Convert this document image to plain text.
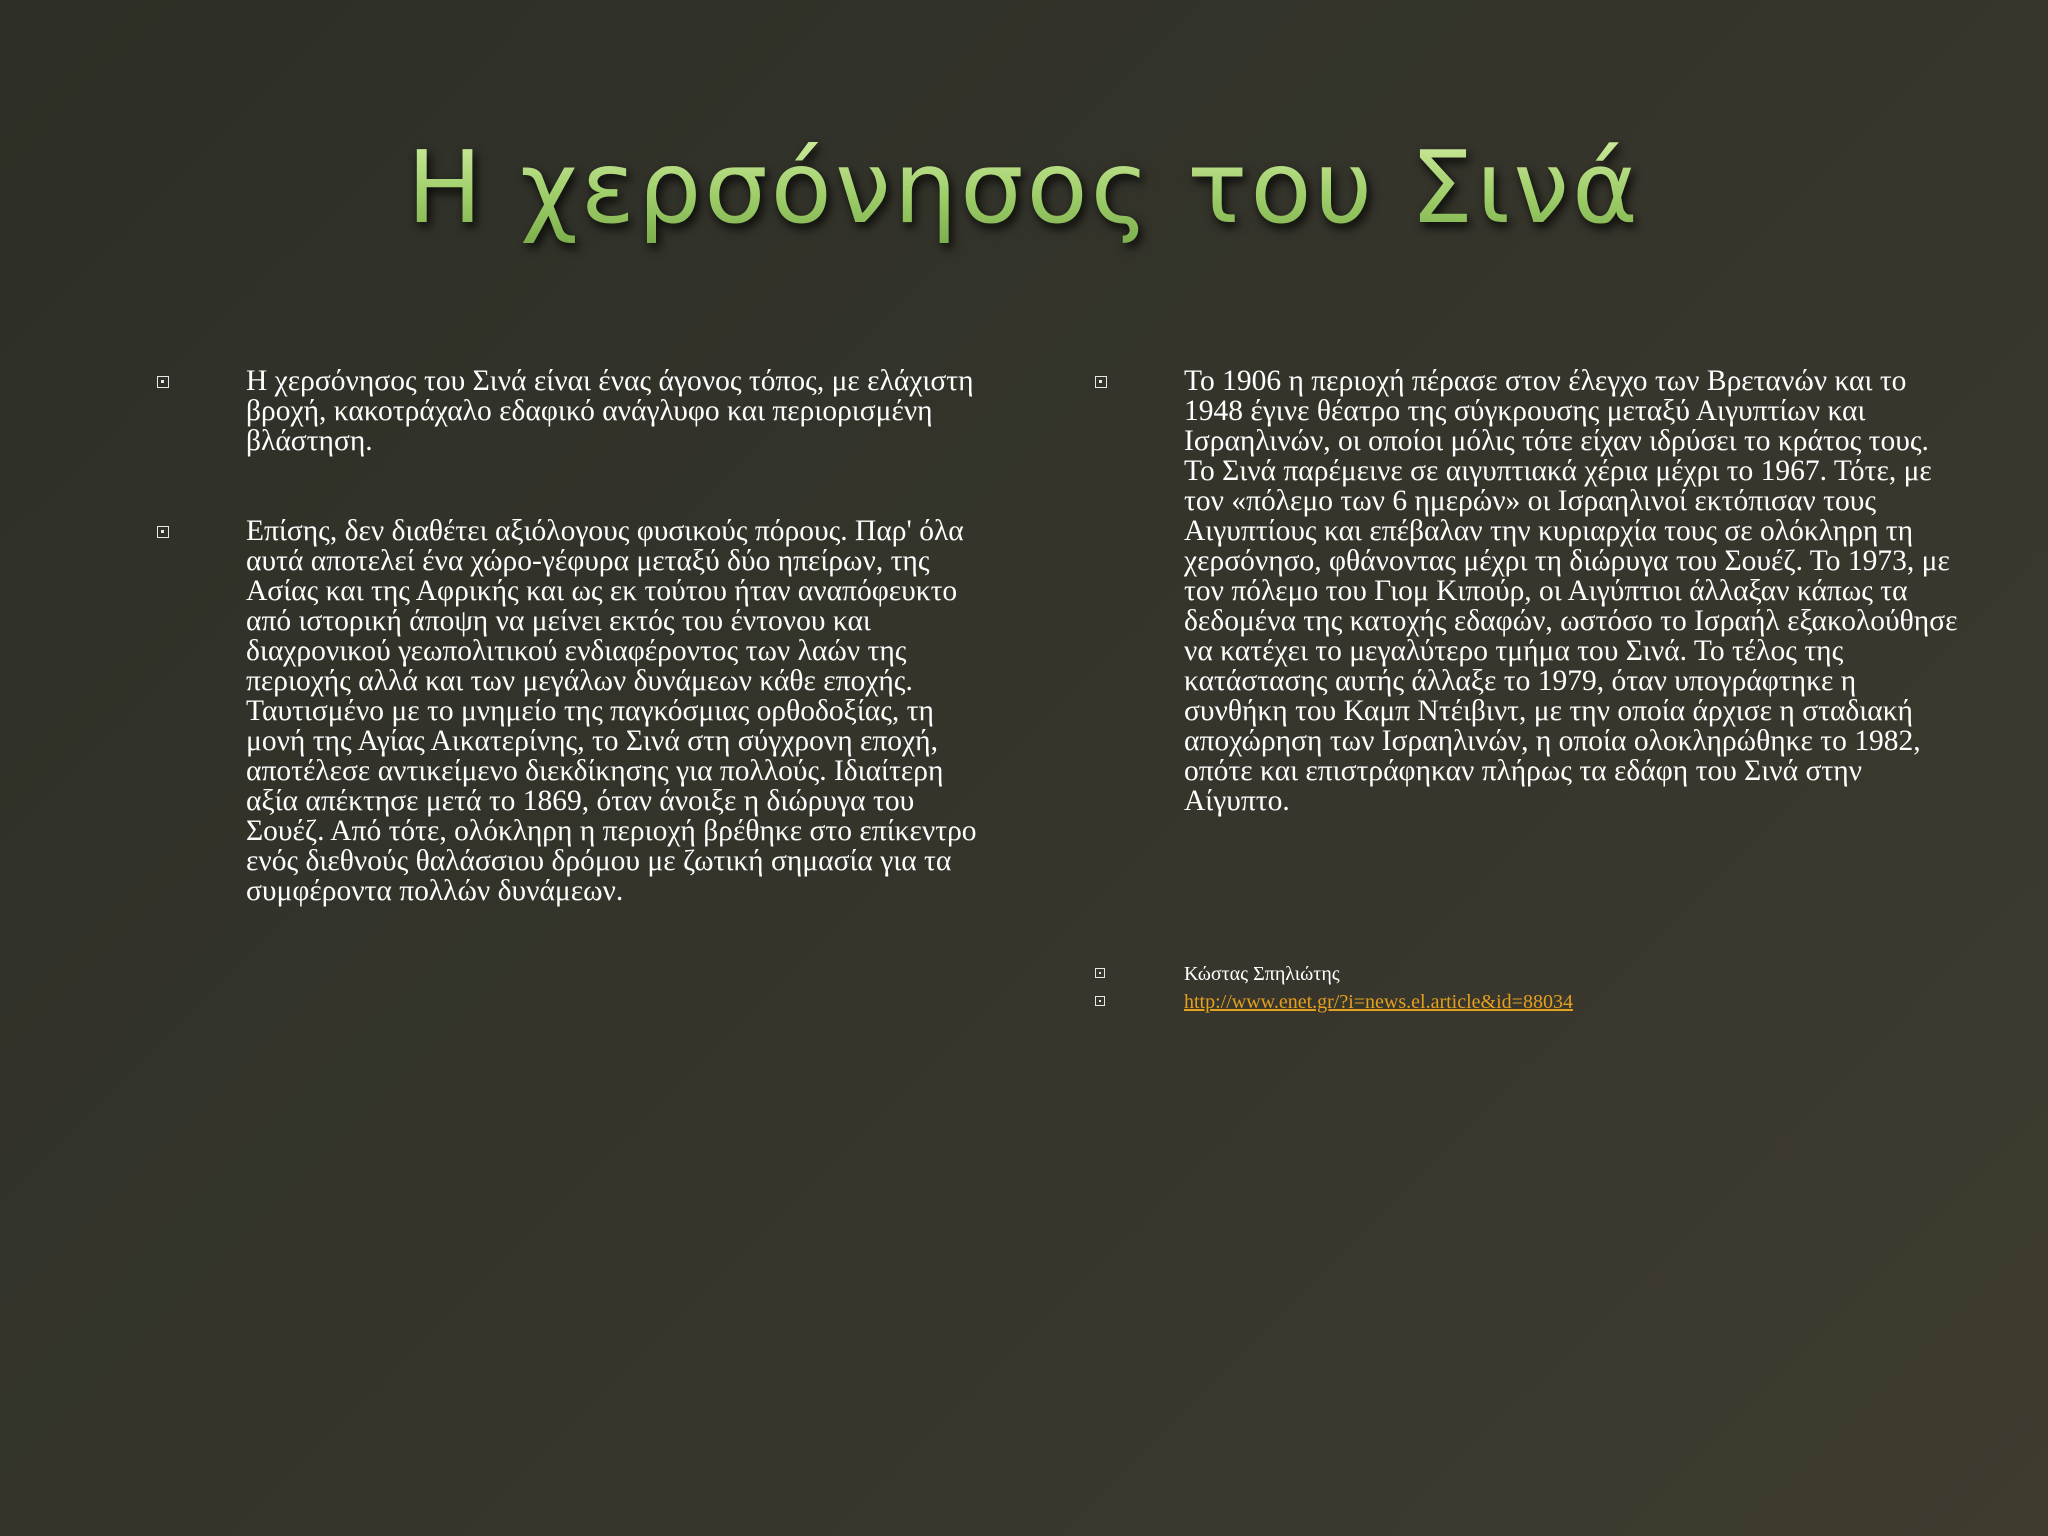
Η χερσόνησος του Σινά
Η χερσόνησος του Σινά είναι ένας άγονος τόπος, με ελάχιστη βροχή, κακοτράχαλο εδαφικό ανάγλυφο και περιορισμένη βλάστηση.
Επίσης, δεν διαθέτει αξιόλογους φυσικούς πόρους. Παρ' όλα αυτά αποτελεί ένα χώρο-γέφυρα μεταξύ δύο ηπείρων, της Ασίας και της Αφρικής και ως εκ τούτου ήταν αναπόφευκτο από ιστορική άποψη να μείνει εκτός του έντονου και διαχρονικού γεωπολιτικού ενδιαφέροντος των λαών της περιοχής αλλά και των μεγάλων δυνάμεων κάθε εποχής. Ταυτισμένο με το μνημείο της παγκόσμιας ορθοδοξίας, τη μονή της Αγίας Αικατερίνης, το Σινά στη σύγχρονη εποχή, αποτέλεσε αντικείμενο διεκδίκησης για πολλούς. Ιδιαίτερη αξία απέκτησε μετά το 1869, όταν άνοιξε η διώρυγα του Σουέζ. Από τότε, ολόκληρη η περιοχή βρέθηκε στο επίκεντρο ενός διεθνούς θαλάσσιου δρόμου με ζωτική σημασία για τα συμφέροντα πολλών δυνάμεων.
Το 1906 η περιοχή πέρασε στον έλεγχο των Βρετανών και το 1948 έγινε θέατρο της σύγκρουσης μεταξύ Αιγυπτίων και Ισραηλινών, οι οποίοι μόλις τότε είχαν ιδρύσει το κράτος τους. Το Σινά παρέμεινε σε αιγυπτιακά χέρια μέχρι το 1967. Τότε, με τον «πόλεμο των 6 ημερών» οι Ισραηλινοί εκτόπισαν τους Αιγυπτίους και επέβαλαν την κυριαρχία τους σε ολόκληρη τη χερσόνησο, φθάνοντας μέχρι τη διώρυγα του Σουέζ. Το 1973, με τον πόλεμο του Γιομ Κιπούρ, οι Αιγύπτιοι άλλαξαν κάπως τα δεδομένα της κατοχής εδαφών, ωστόσο το Ισραήλ εξακολούθησε να κατέχει το μεγαλύτερο τμήμα του Σινά. Το τέλος της κατάστασης αυτής άλλαξε το 1979, όταν υπογράφτηκε η συνθήκη του Καμπ Ντέιβιντ, με την οποία άρχισε η σταδιακή αποχώρηση των Ισραηλινών, η οποία ολοκληρώθηκε το 1982, οπότε και επιστράφηκαν πλήρως τα εδάφη του Σινά στην Αίγυπτο.
Κώστας Σπηλιώτης
http://www.enet.gr/?i=news.el.article&id=88034
